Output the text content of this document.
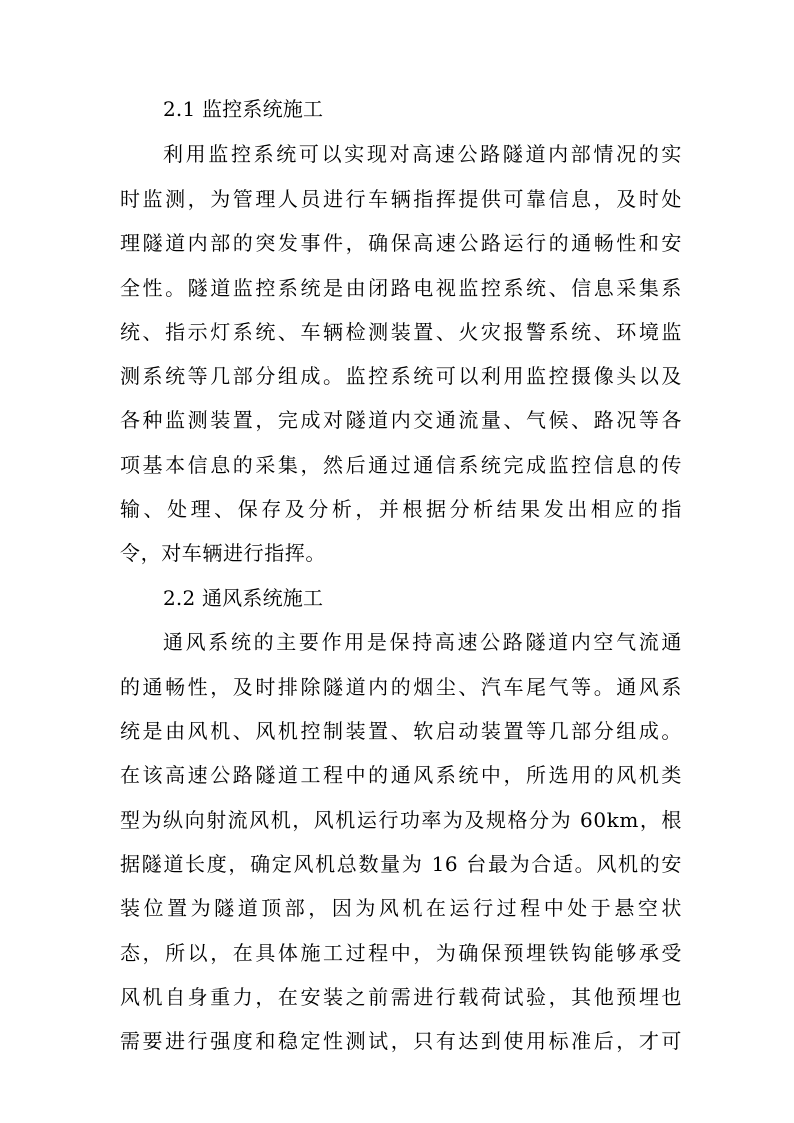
2.1 监控系统施工
利用监控系统可以实现对高速公路隧道内部情况的实
时监测，为管理人员进行车辆指挥提供可靠信息，及时处
理隧道内部的突发事件，确保高速公路运行的通畅性和安
全性。隧道监控系统是由闭路电视监控系统、信息采集系
统、指示灯系统、车辆检测装置、火灾报警系统、环境监
测系统等几部分组成。监控系统可以利用监控摄像头以及
各种监测装置，完成对隧道内交通流量、气候、路况等各
项基本信息的采集，然后通过通信系统完成监控信息的传
输、处理、保存及分析，并根据分析结果发出相应的指
令，对车辆进行指挥。
2.2 通风系统施工
通风系统的主要作用是保持高速公路隧道内空气流通
的通畅性，及时排除隧道内的烟尘、汽车尾气等。通风系
统是由风机、风机控制装置、软启动装置等几部分组成。
在该高速公路隧道工程中的通风系统中，所选用的风机类
型为纵向射流风机，风机运行功率为及规格分为 60km，根
据隧道长度，确定风机总数量为 16 台最为合适。风机的安
装位置为隧道顶部，因为风机在运行过程中处于悬空状
态，所以，在具体施工过程中，为确保预埋铁钩能够承受
风机自身重力，在安装之前需进行载荷试验，其他预埋也
需要进行强度和稳定性测试，只有达到使用标准后，才可
